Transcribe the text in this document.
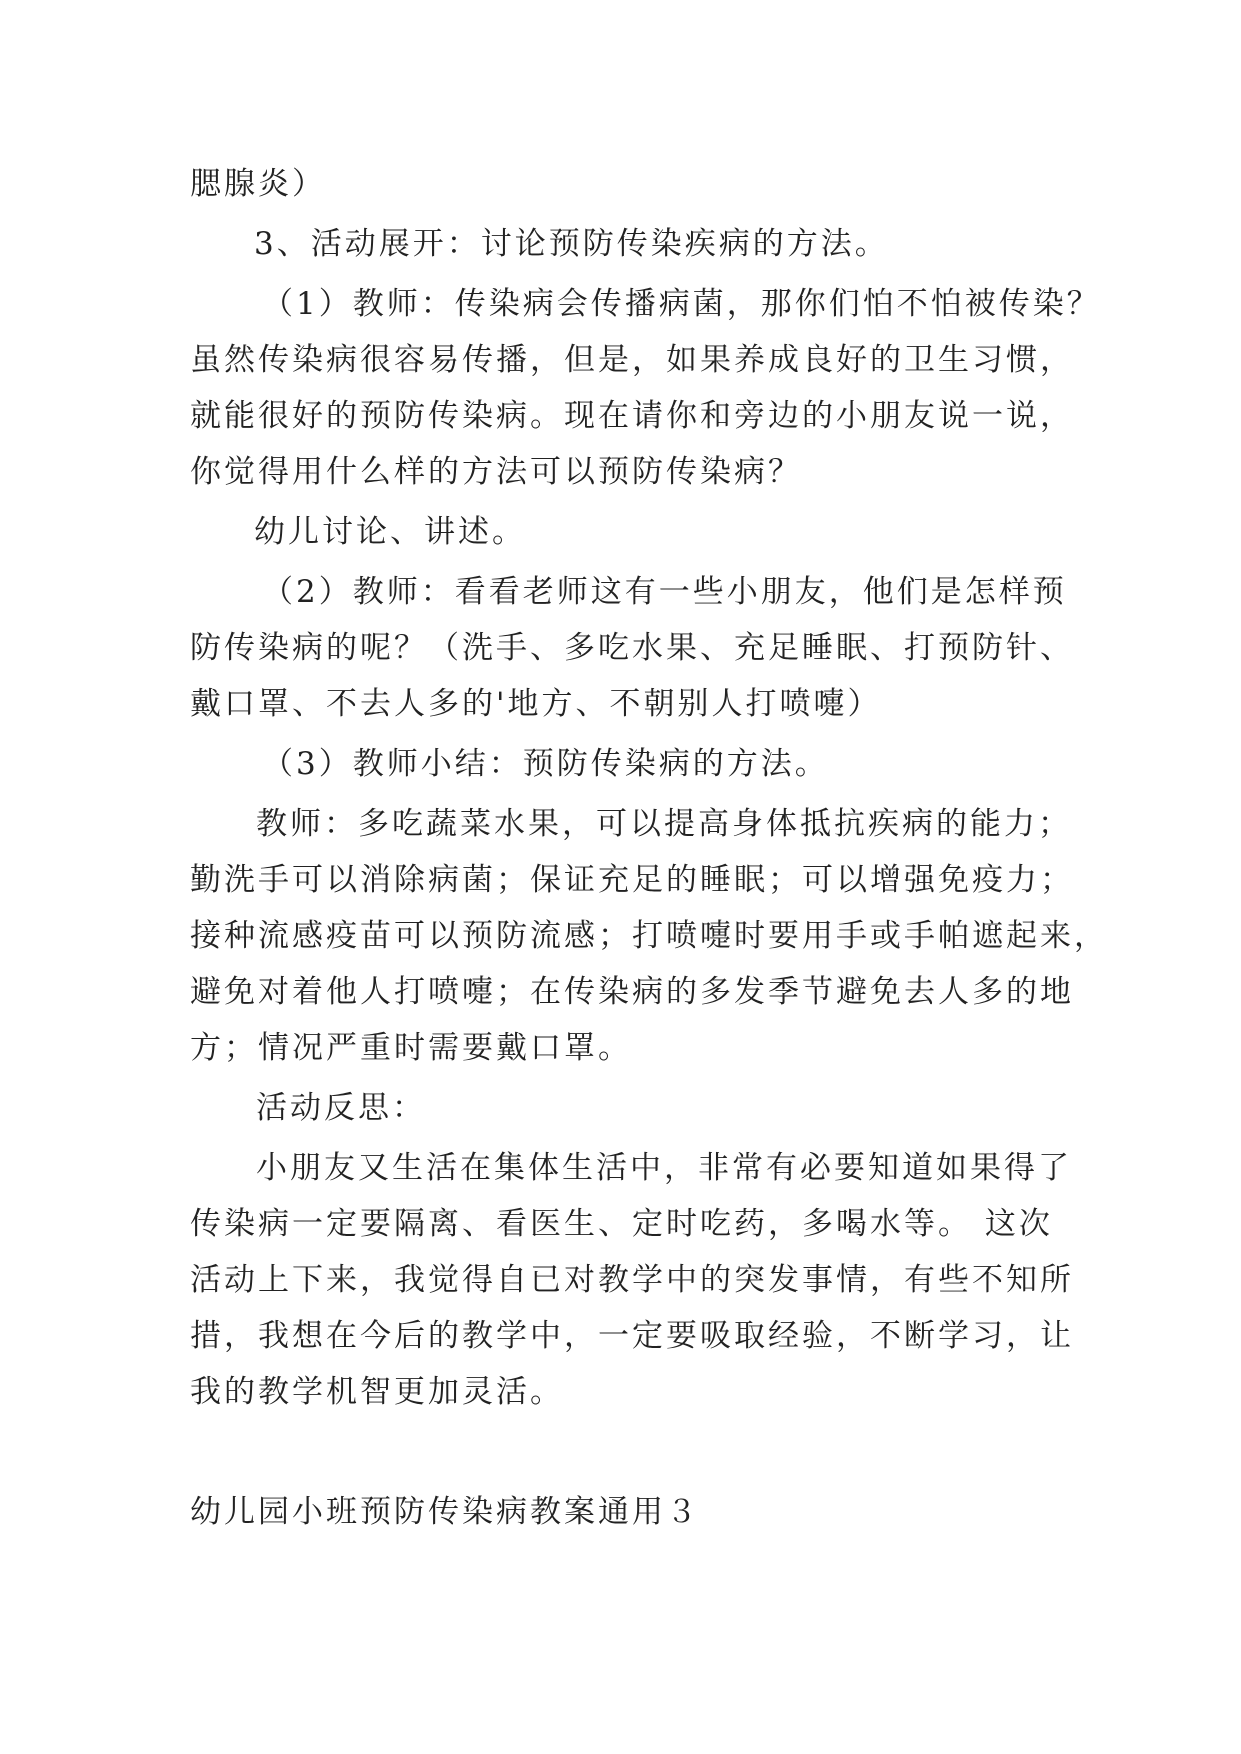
腮腺炎）
3、活动展开：讨论预防传染疾病的方法。
（1）教师：传染病会传播病菌，那你们怕不怕被传染？
虽然传染病很容易传播，但是，如果养成良好的卫生习惯，
就能很好的预防传染病。现在请你和旁边的小朋友说一说，
你觉得用什么样的方法可以预防传染病？
幼儿讨论、讲述。
（2）教师：看看老师这有一些小朋友，他们是怎样预
防传染病的呢？（洗手、多吃水果、充足睡眠、打预防针、
戴口罩、不去人多的'地方、不朝别人打喷嚏）
（3）教师小结：预防传染病的方法。
教师：多吃蔬菜水果，可以提高身体抵抗疾病的能力；
勤洗手可以消除病菌；保证充足的睡眠；可以增强免疫力；
接种流感疫苗可以预防流感；打喷嚏时要用手或手帕遮起来，
避免对着他人打喷嚏；在传染病的多发季节避免去人多的地
方；情况严重时需要戴口罩。
活动反思：
小朋友又生活在集体生活中，非常有必要知道如果得了
传染病一定要隔离、看医生、定时吃药，多喝水等。 这次
活动上下来，我觉得自已对教学中的突发事情，有些不知所
措，我想在今后的教学中，一定要吸取经验，不断学习，让
我的教学机智更加灵活。
幼儿园小班预防传染病教案通用３
